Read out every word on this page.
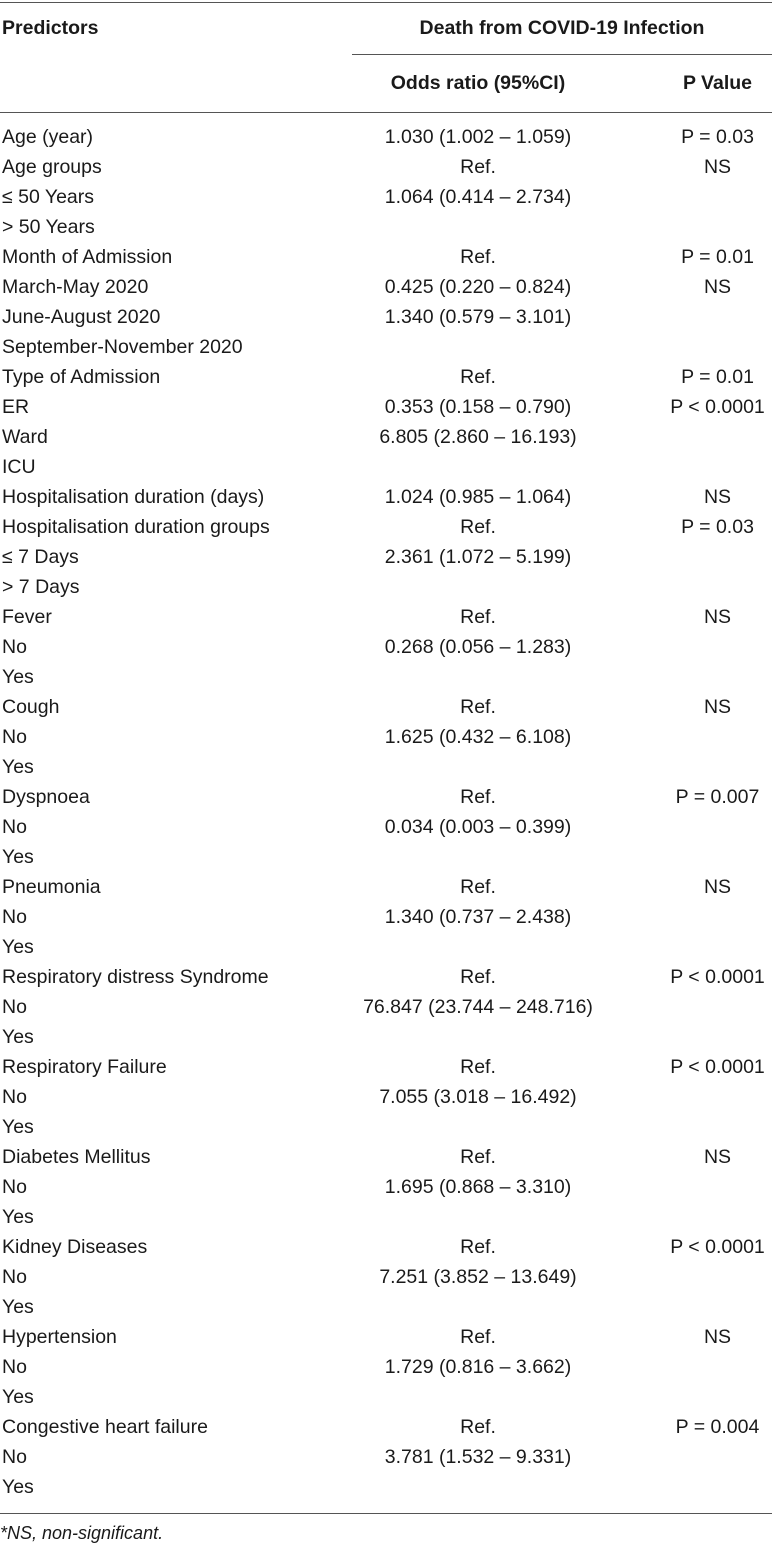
Predictors	Death from COVID-19 Infection
Odds ratio (95%CI)	P Value
Age (year)	1.030 (1.002 – 1.059)	P = 0.03
Age groups	Ref.	NS
≤ 50 Years	1.064 (0.414 – 2.734)
> 50 Years
Month of Admission	Ref.	P = 0.01
March-May 2020	0.425 (0.220 – 0.824)	NS
June-August 2020	1.340 (0.579 – 3.101)
September-November 2020
Type of Admission	Ref.	P = 0.01
ER	0.353 (0.158 – 0.790)	P < 0.0001
Ward	6.805 (2.860 – 16.193)
ICU
Hospitalisation duration (days)	1.024 (0.985 – 1.064)	NS
Hospitalisation duration groups	Ref.	P = 0.03
≤ 7 Days	2.361 (1.072 – 5.199)
> 7 Days
Fever	Ref.	NS
No	0.268 (0.056 – 1.283)
Yes
Cough	Ref.	NS
No	1.625 (0.432 – 6.108)
Yes
Dyspnoea	Ref.	P = 0.007
No	0.034 (0.003 – 0.399)
Yes
Pneumonia	Ref.	NS
No	1.340 (0.737 – 2.438)
Yes
Respiratory distress Syndrome	Ref.	P < 0.0001
No	76.847 (23.744 – 248.716)
Yes
Respiratory Failure	Ref.	P < 0.0001
No	7.055 (3.018 – 16.492)
Yes
Diabetes Mellitus	Ref.	NS
No	1.695 (0.868 – 3.310)
Yes
Kidney Diseases	Ref.	P < 0.0001
No	7.251 (3.852 – 13.649)
Yes
Hypertension	Ref.	NS
No	1.729 (0.816 – 3.662)
Yes
Congestive heart failure	Ref.	P = 0.004
No	3.781 (1.532 – 9.331)
Yes
*NS, non-significant.
